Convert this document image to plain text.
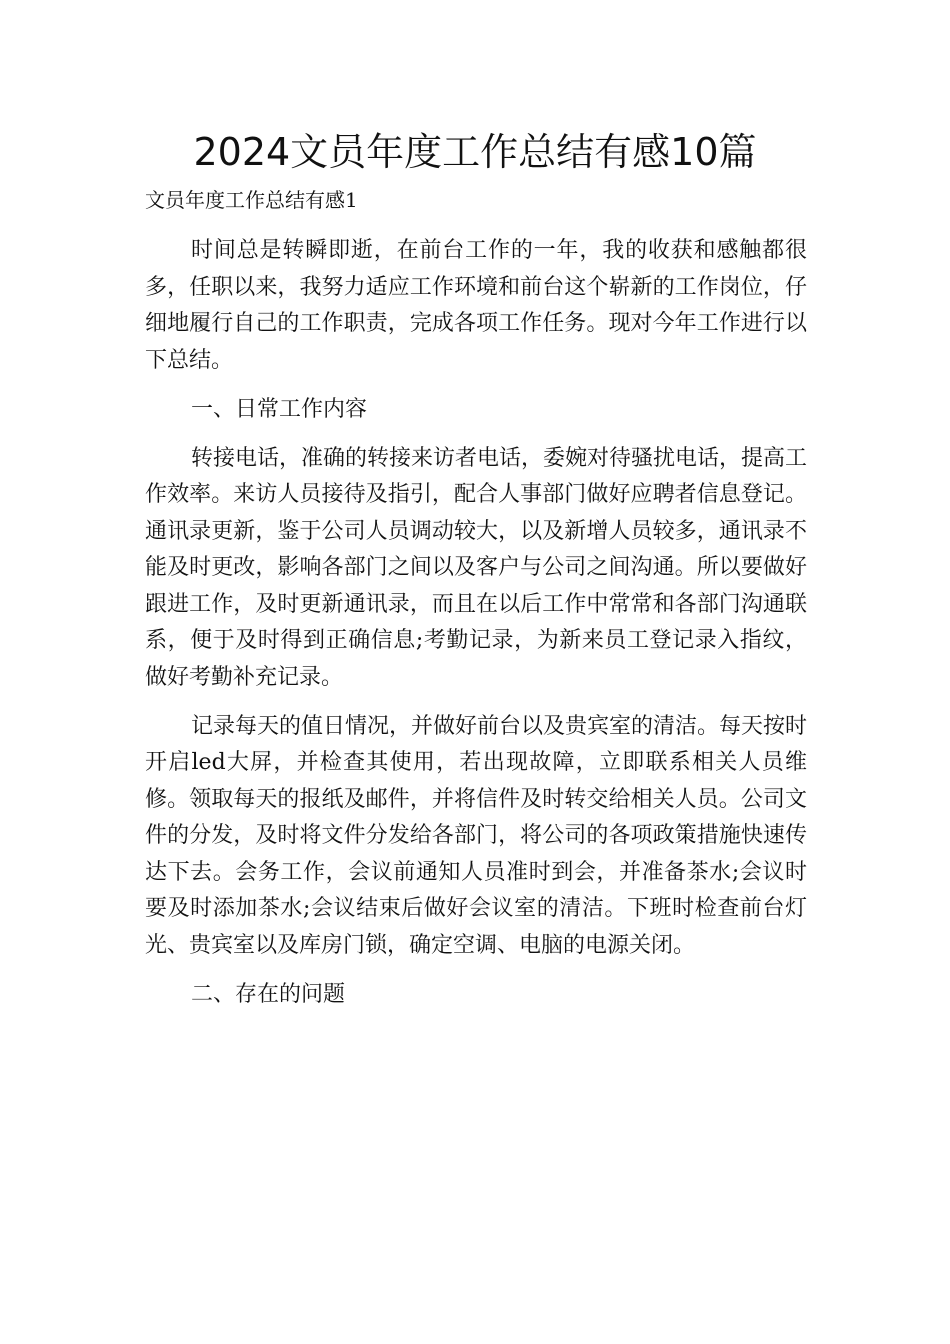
2024文员年度工作总结有感10篇

文员年度工作总结有感1

时间总是转瞬即逝，在前台工作的一年，我的收获和感触都很多，任职以来，我努力适应工作环境和前台这个崭新的工作岗位，仔细地履行自己的工作职责，完成各项工作任务。现对今年工作进行以下总结。

一、日常工作内容

转接电话，准确的转接来访者电话，委婉对待骚扰电话，提高工作效率。来访人员接待及指引，配合人事部门做好应聘者信息登记。通讯录更新，鉴于公司人员调动较大，以及新增人员较多，通讯录不能及时更改，影响各部门之间以及客户与公司之间沟通。所以要做好跟进工作，及时更新通讯录，而且在以后工作中常常和各部门沟通联系，便于及时得到正确信息;考勤记录，为新来员工登记录入指纹，做好考勤补充记录。

记录每天的值日情况，并做好前台以及贵宾室的清洁。每天按时开启led大屏，并检查其使用，若出现故障，立即联系相关人员维修。领取每天的报纸及邮件，并将信件及时转交给相关人员。公司文件的分发，及时将文件分发给各部门，将公司的各项政策措施快速传达下去。会务工作，会议前通知人员准时到会，并准备茶水;会议时要及时添加茶水;会议结束后做好会议室的清洁。下班时检查前台灯光、贵宾室以及库房门锁，确定空调、电脑的电源关闭。

二、存在的问题
